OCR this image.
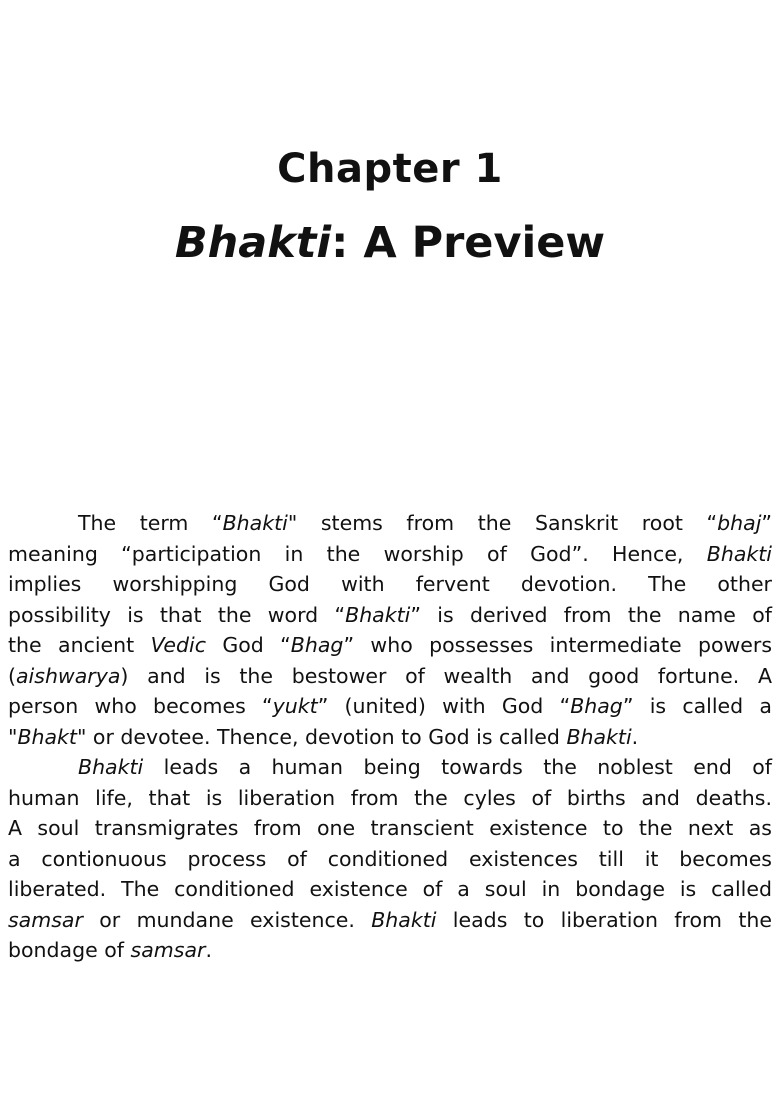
Chapter 1
Bhakti: A Preview
The term “Bhakti" stems from the Sanskrit root “bhaj”
meaning “participation in the worship of God”. Hence, Bhakti
implies worshipping God with fervent devotion. The other
possibility is that the word “Bhakti” is derived from the name of
the ancient Vedic God “Bhag” who possesses intermediate powers
(aishwarya) and is the bestower of wealth and good fortune. A
person who becomes “yukt” (united) with God “Bhag” is called a
"Bhakt" or devotee. Thence, devotion to God is called Bhakti.
Bhakti leads a human being towards the noblest end of
human life, that is liberation from the cyles of births and deaths.
A soul transmigrates from one transcient existence to the next as
a contionuous process of conditioned existences till it becomes
liberated. The conditioned existence of a soul in bondage is called
samsar or mundane existence. Bhakti leads to liberation from the
bondage of samsar.
